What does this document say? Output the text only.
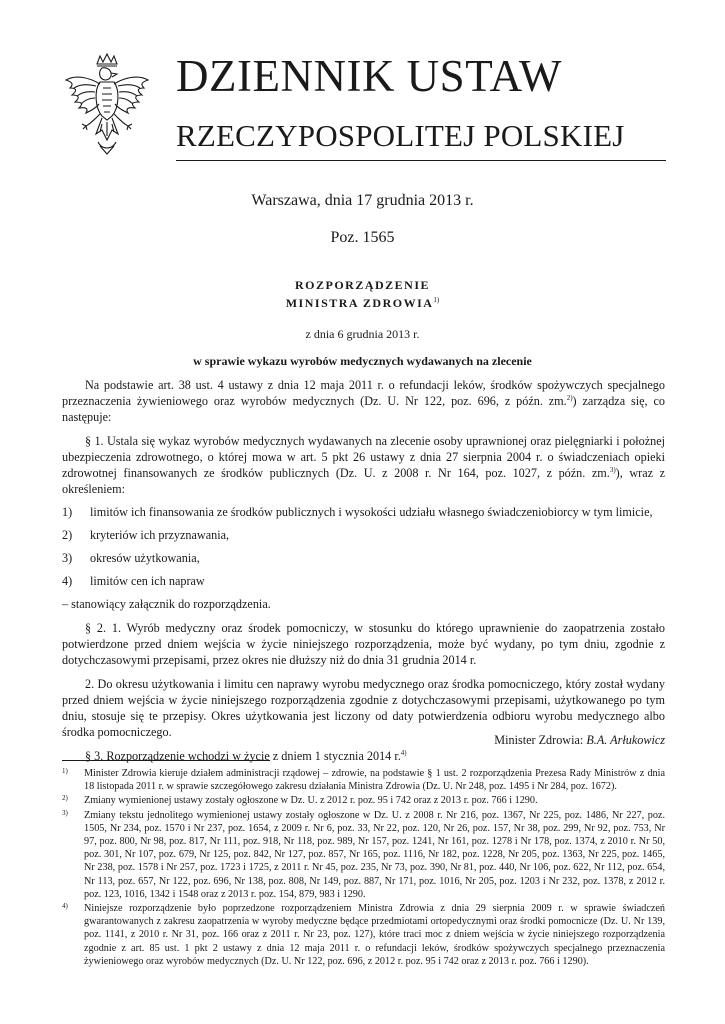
DZIENNIK USTAW
RZECZYPOSPOLITEJ POLSKIEJ
Warszawa, dnia 17 grudnia 2013 r.
Poz. 1565
ROZPORZĄDZENIE
MINISTRA ZDROWIA$^{1)}$
z dnia 6 grudnia 2013 r.
w sprawie wykazu wyrobów medycznych wydawanych na zlecenie

Na podstawie art. 38 ust. 4 ustawy z dnia 12 maja 2011 r. o refundacji leków, środków spożywczych specjalnego przeznaczenia żywieniowego oraz wyrobów medycznych (Dz. U. Nr 122, poz. 696, z późn. zm.$^{2)}$) zarządza się, co następuje:

§ 1. Ustala się wykaz wyrobów medycznych wydawanych na zlecenie osoby uprawnionej oraz pielęgniarki i położnej ubezpieczenia zdrowotnego, o której mowa w art. 5 pkt 26 ustawy z dnia 27 sierpnia 2004 r. o świadczeniach opieki zdrowotnej finansowanych ze środków publicznych (Dz. U. z 2008 r. Nr 164, poz. 1027, z późn. zm.$^{3)}$), wraz z określeniem:

1) limitów ich finansowania ze środków publicznych i wysokości udziału własnego świadczeniobiorcy w tym limicie,

2) kryteriów ich przyznawania,

3) okresów użytkowania,

4) limitów cen ich napraw

– stanowiący załącznik do rozporządzenia.

§ 2. 1. Wyrób medyczny oraz środek pomocniczy, w stosunku do którego uprawnienie do zaopatrzenia zostało potwierdzone przed dniem wejścia w życie niniejszego rozporządzenia, może być wydany, po tym dniu, zgodnie z dotychczasowymi przepisami, przez okres nie dłuższy niż do dnia 31 grudnia 2014 r.

2. Do okresu użytkowania i limitu cen naprawy wyrobu medycznego oraz środka pomocniczego, który został wydany przed dniem wejścia w życie niniejszego rozporządzenia zgodnie z dotychczasowymi przepisami, użytkowanego po tym dniu, stosuje się te przepisy. Okres użytkowania jest liczony od daty potwierdzenia odbioru wyrobu medycznego albo środka pomocniczego.

§ 3. Rozporządzenie wchodzi w życie z dniem 1 stycznia 2014 r.$^{4)}$

Minister Zdrowia: B.A. Arłukowicz

1) Minister Zdrowia kieruje działem administracji rządowej – zdrowie, na podstawie § 1 ust. 2 rozporządzenia Prezesa Rady Ministrów z dnia 18 listopada 2011 r. w sprawie szczegółowego zakresu działania Ministra Zdrowia (Dz. U. Nr 248, poz. 1495 i Nr 284, poz. 1672).

2) Zmiany wymienionej ustawy zostały ogłoszone w Dz. U. z 2012 r. poz. 95 i 742 oraz z 2013 r. poz. 766 i 1290.

3) Zmiany tekstu jednolitego wymienionej ustawy zostały ogłoszone w Dz. U. z 2008 r. Nr 216, poz. 1367, Nr 225, poz. 1486, Nr 227, poz. 1505, Nr 234, poz. 1570 i Nr 237, poz. 1654, z 2009 r. Nr 6, poz. 33, Nr 22, poz. 120, Nr 26, poz. 157, Nr 38, poz. 299, Nr 92, poz. 753, Nr 97, poz. 800, Nr 98, poz. 817, Nr 111, poz. 918, Nr 118, poz. 989, Nr 157, poz. 1241, Nr 161, poz. 1278 i Nr 178, poz. 1374, z 2010 r. Nr 50, poz. 301, Nr 107, poz. 679, Nr 125, poz. 842, Nr 127, poz. 857, Nr 165, poz. 1116, Nr 182, poz. 1228, Nr 205, poz. 1363, Nr 225, poz. 1465, Nr 238, poz. 1578 i Nr 257, poz. 1723 i 1725, z 2011 r. Nr 45, poz. 235, Nr 73, poz. 390, Nr 81, poz. 440, Nr 106, poz. 622, Nr 112, poz. 654, Nr 113, poz. 657, Nr 122, poz. 696, Nr 138, poz. 808, Nr 149, poz. 887, Nr 171, poz. 1016, Nr 205, poz. 1203 i Nr 232, poz. 1378, z 2012 r. poz. 123, 1016, 1342 i 1548 oraz z 2013 r. poz. 154, 879, 983 i 1290.

4) Niniejsze rozporządzenie było poprzedzone rozporządzeniem Ministra Zdrowia z dnia 29 sierpnia 2009 r. w sprawie świadczeń gwarantowanych z zakresu zaopatrzenia w wyroby medyczne będące przedmiotami ortopedycznymi oraz środki pomocnicze (Dz. U. Nr 139, poz. 1141, z 2010 r. Nr 31, poz. 166 oraz z 2011 r. Nr 23, poz. 127), które traci moc z dniem wejścia w życie niniejszego rozporządzenia zgodnie z art. 85 ust. 1 pkt 2 ustawy z dnia 12 maja 2011 r. o refundacji leków, środków spożywczych specjalnego przeznaczenia żywieniowego oraz wyrobów medycznych (Dz. U. Nr 122, poz. 696, z 2012 r. poz. 95 i 742 oraz z 2013 r. poz. 766 i 1290).
